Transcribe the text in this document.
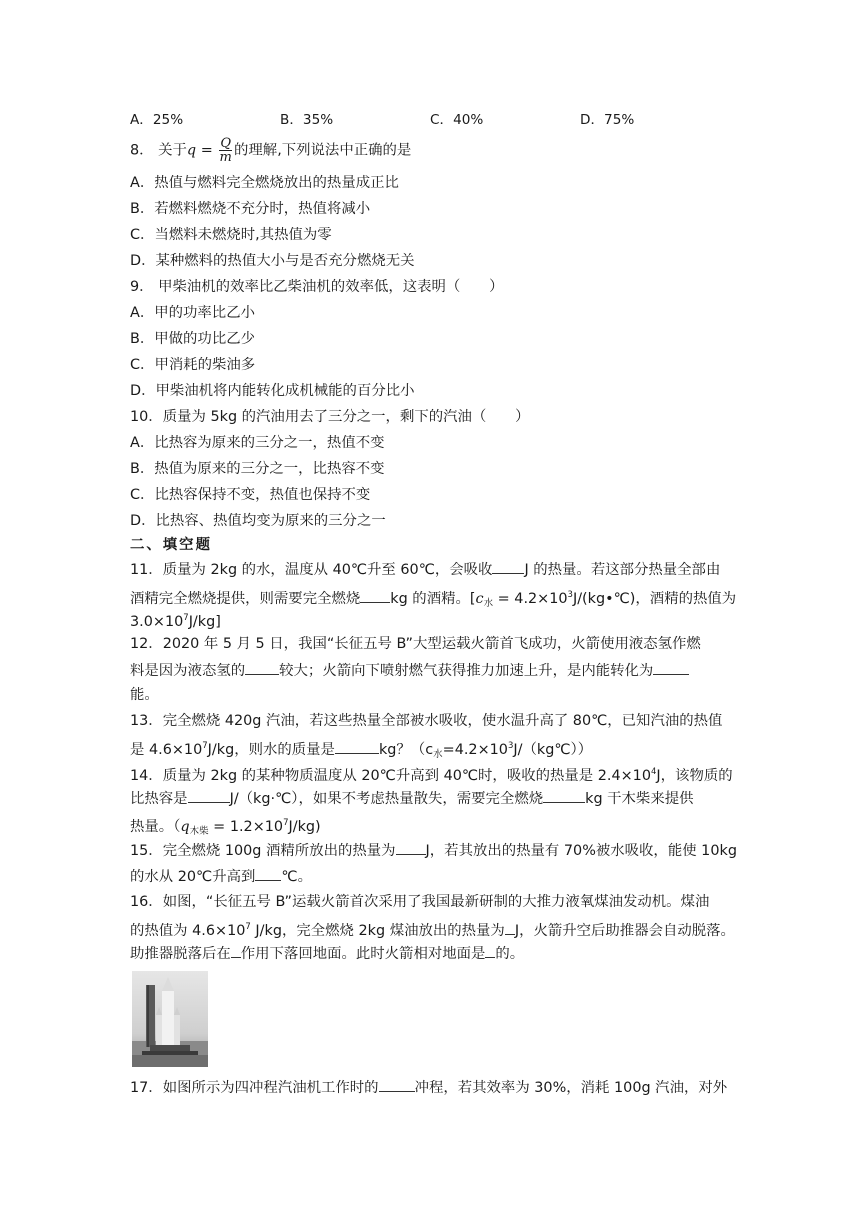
A．25%	B．35%	C．40%	D．75%
8． 关于$q = \frac{Q}{m}$ 的理解,下列说法中正确的是
A．热值与燃料完全燃烧放出的热量成正比
B．若燃料燃烧不充分时，热值将减小
C．当燃料未燃烧时,其热值为零
D．某种燃料的热值大小与是否充分燃烧无关
9． 甲柴油机的效率比乙柴油机的效率低，这表明（　　）
A．甲的功率比乙小
B．甲做的功比乙少
C．甲消耗的柴油多
D．甲柴油机将内能转化成机械能的百分比小
10．质量为 5kg 的汽油用去了三分之一，剩下的汽油（　　）
A．比热容为原来的三分之一，热值不变
B．热值为原来的三分之一，比热容不变
C．比热容保持不变，热值也保持不变
D．比热容、热值均变为原来的三分之一
二、填空题
11．质量为 2kg 的水，温度从 40℃升至 60℃，会吸收 J 的热量。若这部分热量全部由
酒精完全燃烧提供，则需要完全燃烧 kg 的酒精。[$c_水$ = $4.2\times 10^3J/(kg•℃)$，酒精的热值为
$3.0\times 10^7J/kg$]
12．2020 年 5 月 5 日，我国“长征五号 B”大型运载火箭首飞成功，火箭使用液态氢作燃
料是因为液态氢的 较大；火箭向下喷射燃气获得推力加速上升，是内能转化为
能。
13．完全燃烧 420g 汽油，若这些热量全部被水吸收，使水温升高了 80℃，已知汽油的热值
是 $4.6\times 10^7J/kg$，则水的质量是	kg？$(c_水=4.2\times 10^3J/(kg℃))$
14．质量为 2kg 的某种物质温度从 20℃升高到 40℃时，吸收的热量是 $2.4\times 10^4J$，该物质的
比热容是	J/（kg·℃），如果不考虑热量散失，需要完全燃烧	kg 干木柴来提供
热量。$(q_{木柴} = 1.2\times 10^7J/kg)$
15．完全燃烧 100g 酒精所放出的热量为 J，若其放出的热量有 70%被水吸收，能使 10kg
的水从 20℃升高到 ℃。
16．如图，“长征五号 B”运载火箭首次采用了我国最新研制的大推力液氧煤油发动机。煤油
的热值为 $4.6\times 10^7$ J/kg，完全燃烧 2kg 煤油放出的热量为 J，火箭升空后助推器会自动脱落。
助推器脱落后在 作用下落回地面。此时火箭相对地面是 的。
17．如图所示为四冲程汽油机工作时的	冲程，若其效率为 30%，消耗 100g 汽油，对外
